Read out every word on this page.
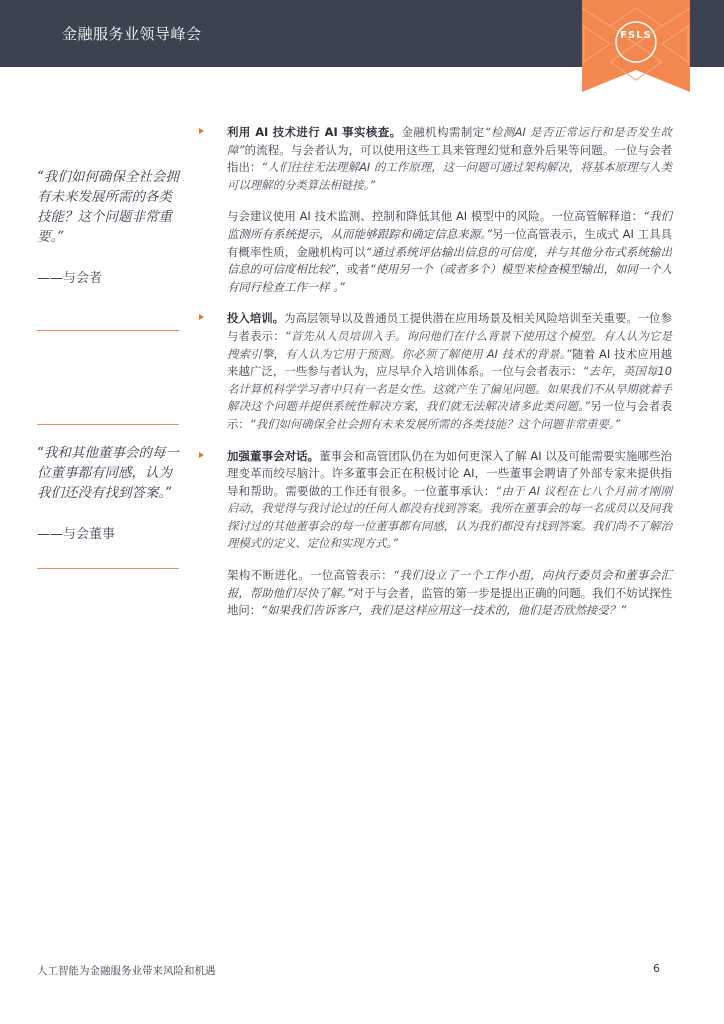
金融服务业领导峰会	FSLS
“我们如何确保全社会拥有未来发展所需的各类技能？这个问题非常重要。”
——与会者
“我和其他董事会的每一位董事都有同感，认为我们还没有找到答案。”
——与会董事
利用 AI 技术进行 AI 事实核查。金融机构需制定“检测AI 是否正常运行和是否发生故障”的流程。与会者认为，可以使用这些工具来管理幻觉和意外后果等问题。一位与会者指出：“人们往往无法理解AI 的工作原理，这一问题可通过架构解决，将基本原理与人类可以理解的分类算法相链接。”
与会建议使用 AI 技术监测、控制和降低其他 AI 模型中的风险。一位高管解释道：“我们监测所有系统提示，从而能够跟踪和确定信息来源。”另一位高管表示，生成式 AI 工具具有概率性质，金融机构可以“通过系统评估输出信息的可信度，并与其他分布式系统输出信息的可信度相比较”，或者“使用另一个（或者多个）模型来检查模型输出，如同一个人有同行检查工作一样 。”
投入培训。为高层领导以及普通员工提供潜在应用场景及相关风险培训至关重要。一位参与者表示：“首先从人员培训入手。询问他们在什么背景下使用这个模型。有人认为它是搜索引擎，有人认为它用于预测。你必须了解使用 AI 技术的背景。”随着 AI 技术应用越来越广泛，一些参与者认为，应尽早介入培训体系。一位与会者表示：“去年，英国每10 名计算机科学学习者中只有一名是女性。这就产生了偏见问题。如果我们不从早期就着手解决这个问题并提供系统性解决方案，我们就无法解决诸多此类问题。”另一位与会者表示：“我们如何确保全社会拥有未来发展所需的各类技能？这个问题非常重要。”
加强董事会对话。董事会和高管团队仍在为如何更深入了解 AI 以及可能需要实施哪些治理变革而绞尽脑汁。许多董事会正在积极讨论 AI，一些董事会聘请了外部专家来提供指导和帮助。需要做的工作还有很多。一位董事承认：“由于 AI 议程在七八个月前才刚刚启动，我觉得与我讨论过的任何人都没有找到答案。我所在董事会的每一名成员以及同我探讨过的其他董事会的每一位董事都有同感，认为我们都没有找到答案。我们尚不了解治理模式的定义、定位和实现方式。”
架构不断进化。一位高管表示：“我们设立了一个工作小组，向执行委员会和董事会汇报，帮助他们尽快了解。”对于与会者，监管的第一步是提出正确的问题。我们不妨试探性地问：“如果我们告诉客户，我们是这样应用这一技术的，他们是否欣然接受？”
人工智能为金融服务业带来风险和机遇	6
